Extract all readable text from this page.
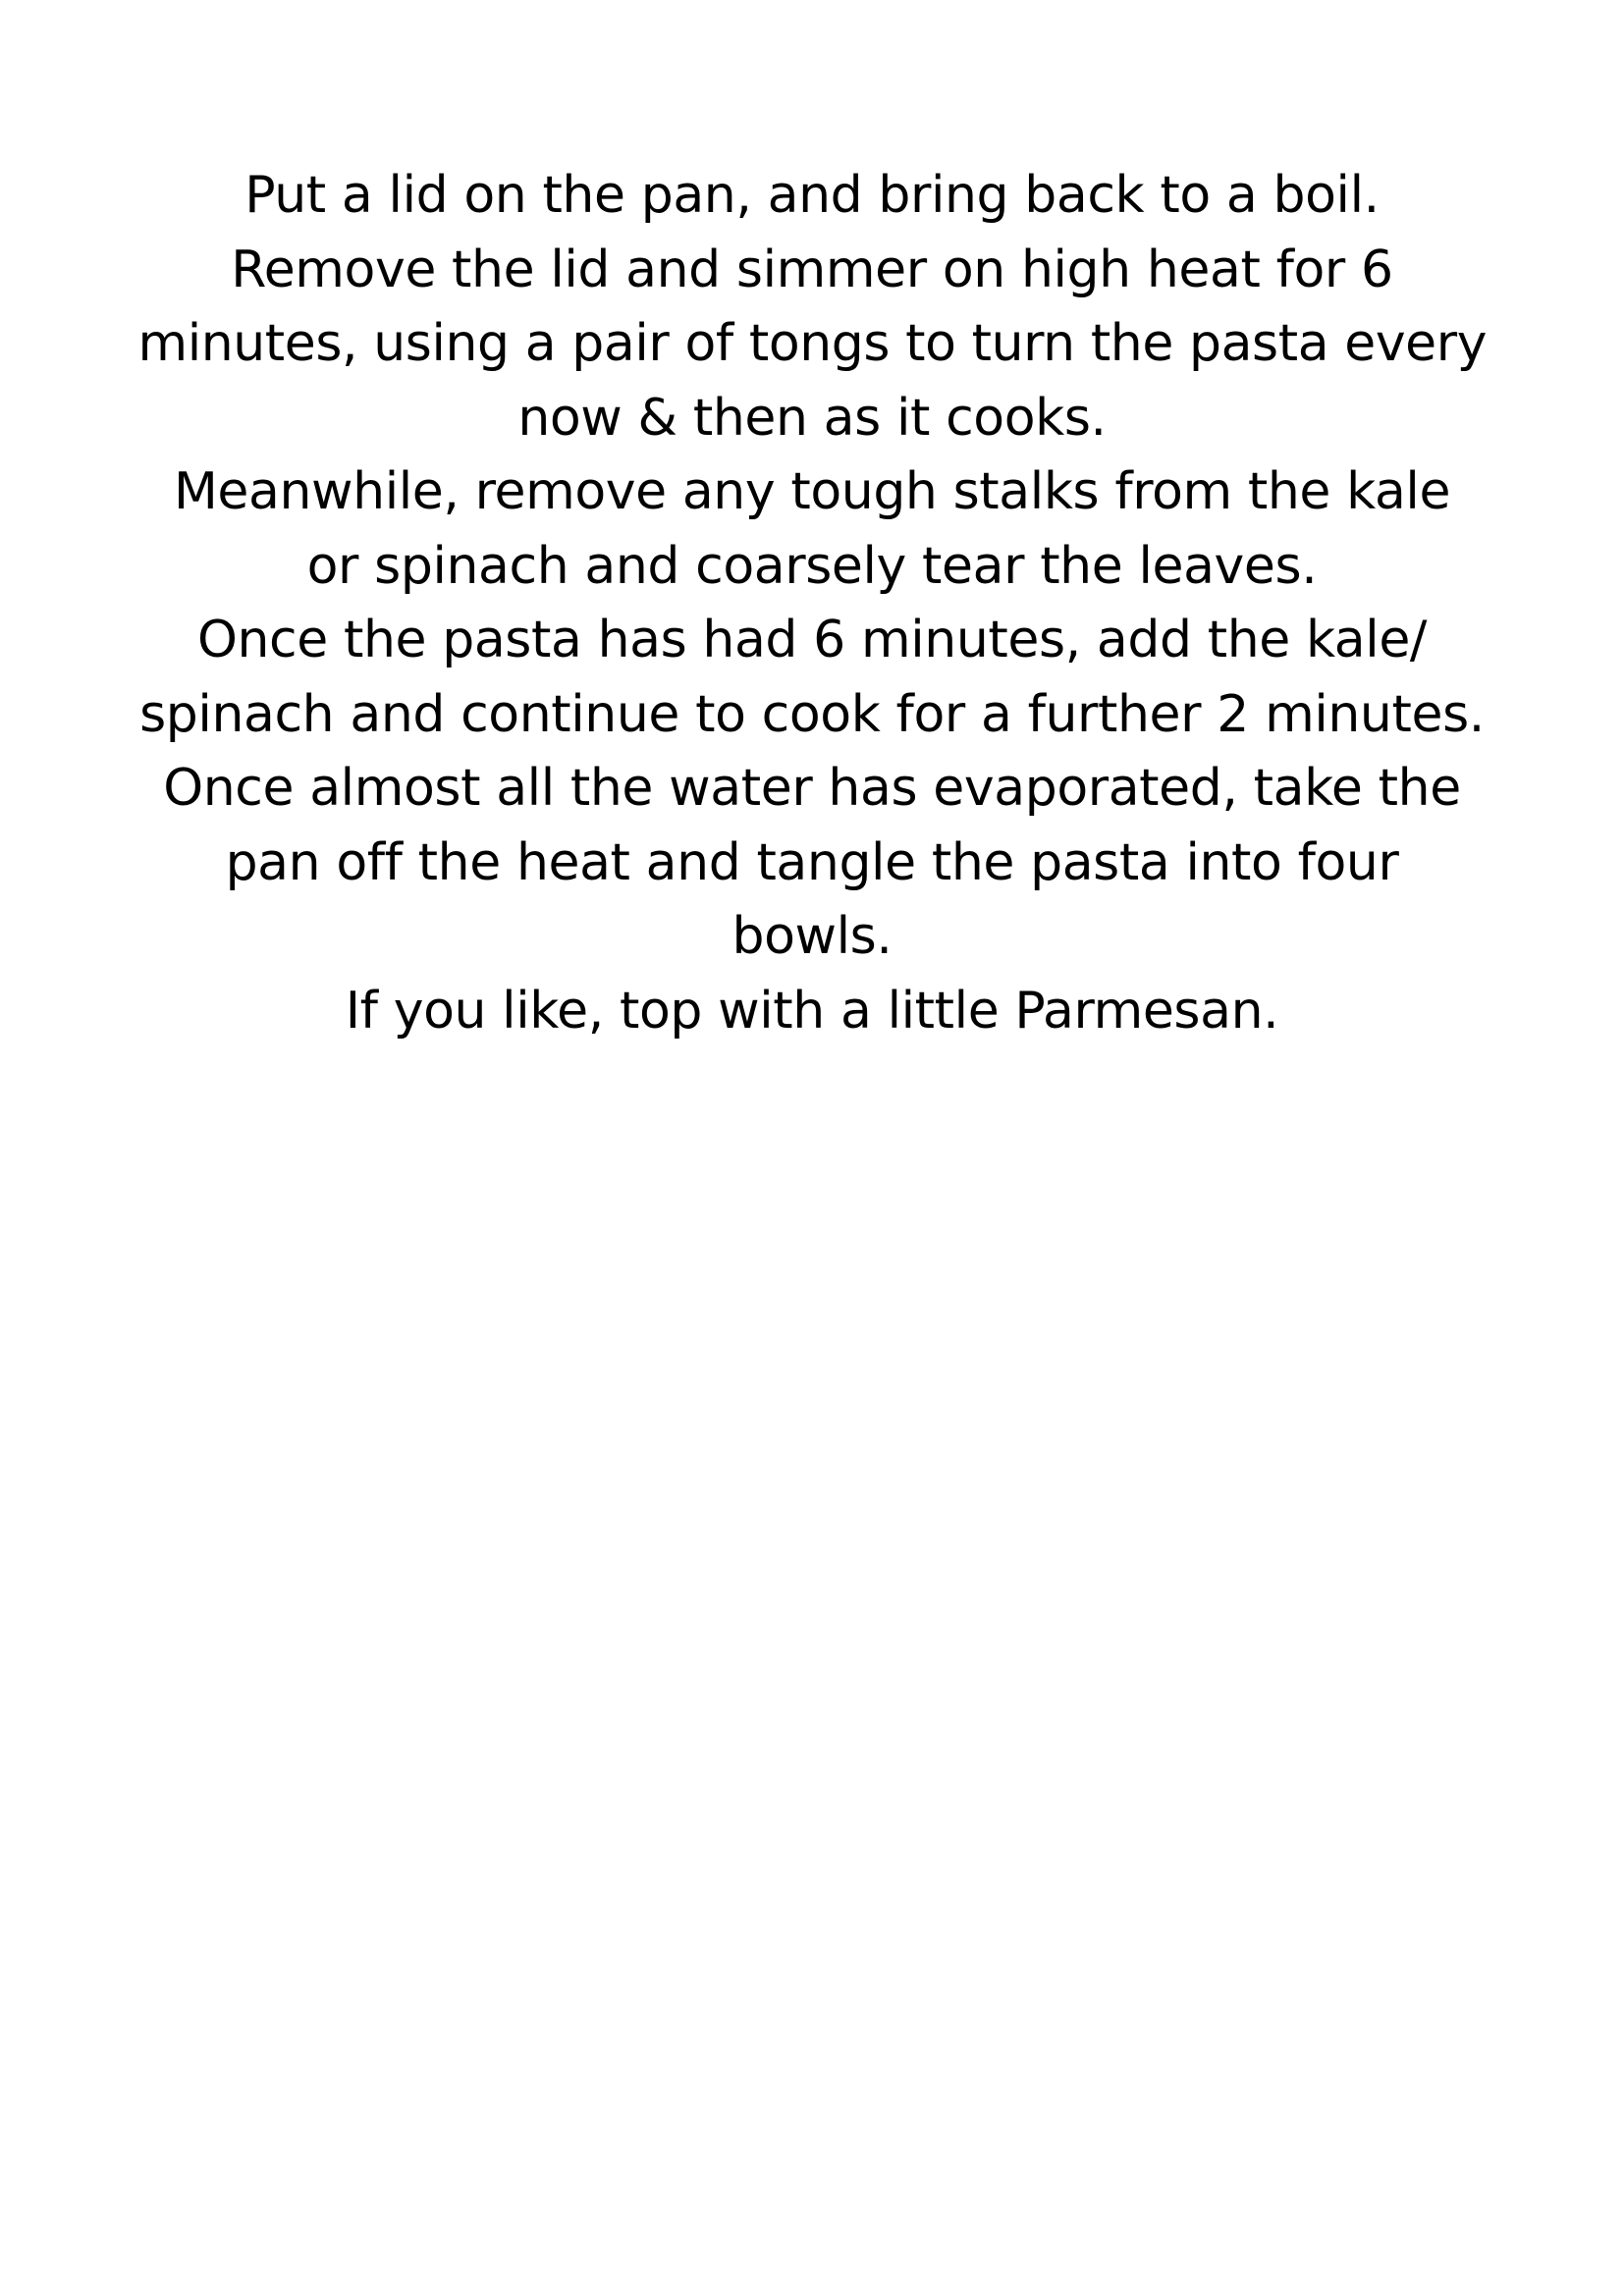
Put a lid on the pan, and bring back to a boil.
Remove the lid and simmer on high heat for 6
minutes, using a pair of tongs to turn the pasta every
now & then as it cooks.
Meanwhile, remove any tough stalks from the kale
or spinach and coarsely tear the leaves.
Once the pasta has had 6 minutes, add the kale/
spinach and continue to cook for a further 2 minutes.
Once almost all the water has evaporated, take the
pan off the heat and tangle the pasta into four
bowls.
If you like, top with a little Parmesan.
